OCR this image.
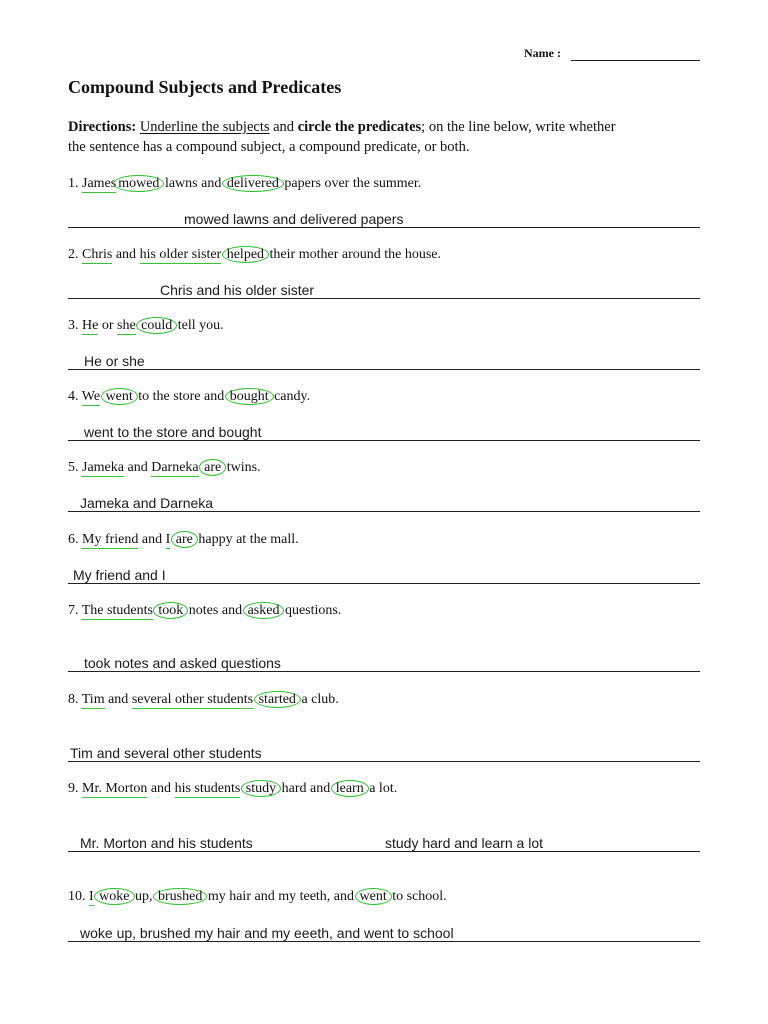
Name :
Compound Subjects and Predicates
Directions: Underline the subjects and circle the predicates; on the line below, write whether
the sentence has a compound subject, a compound predicate, or both.
1. James mowed lawns and delivered papers over the summer.
mowed lawns and delivered papers
2. Chris and his older sister helped their mother around the house.
Chris and his older sister
3. He or she could tell you.
He or she
4. We went to the store and bought candy.
went to the store and bought
5. Jameka and Darneka are twins.
Jameka and Darneka
6. My friend and I are happy at the mall.
My friend and I
7. The students took notes and asked questions.
took notes and asked questions
8. Tim and several other students started a club.
Tim and several other students
9. Mr. Morton and his students study hard and learn a lot.
Mr. Morton and his students	study hard and learn a lot
10. I woke up, brushed my hair and my teeth, and went to school.
woke up, brushed my hair and my eeeth, and went to school
